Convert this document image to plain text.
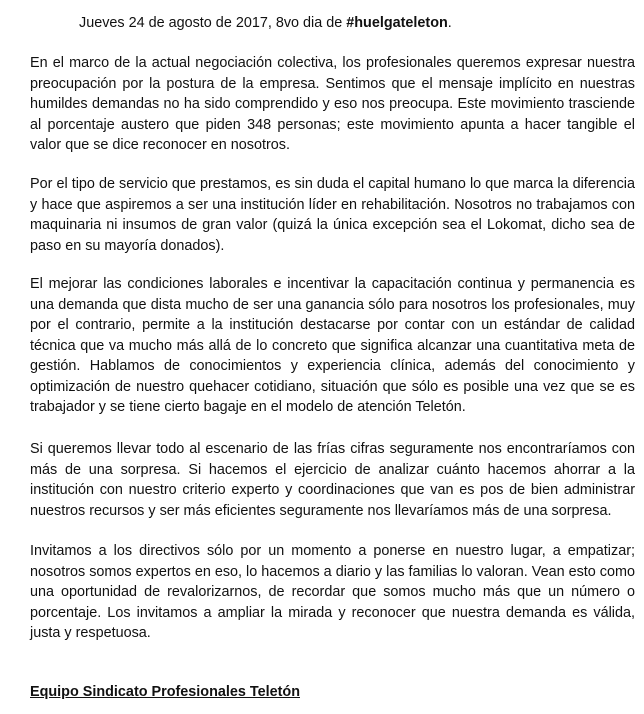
Jueves 24 de agosto de 2017, 8vo dia de #huelgateleton.

En el marco de la actual negociación colectiva, los profesionales queremos expresar nuestra preocupación por la postura de la empresa. Sentimos que el mensaje implícito en nuestras humildes demandas no ha sido comprendido y eso nos preocupa. Este movimiento trasciende al porcentaje austero que piden 348 personas; este movimiento apunta a hacer tangible el valor que se dice reconocer en nosotros.

Por el tipo de servicio que prestamos, es sin duda el capital humano lo que marca la diferencia y hace que aspiremos a ser una institución líder en rehabilitación. Nosotros no trabajamos con maquinaria ni insumos de gran valor (quizá la única excepción sea el Lokomat, dicho sea de paso en su mayoría donados).

El mejorar las condiciones laborales e incentivar la capacitación continua y permanencia es una demanda que dista mucho de ser una ganancia sólo para nosotros los profesionales, muy por el contrario, permite a la institución destacarse por contar con un estándar de calidad técnica que va mucho más allá de lo concreto que significa alcanzar una cuantitativa meta de gestión. Hablamos de conocimientos y experiencia clínica, además del conocimiento y optimización de nuestro quehacer cotidiano, situación que sólo es posible una vez que se es trabajador y se tiene cierto bagaje en el modelo de atención Teletón.

Si queremos llevar todo al escenario de las frías cifras seguramente nos encontraríamos con más de una sorpresa. Si hacemos el ejercicio de analizar cuánto hacemos ahorrar a la institución con nuestro criterio experto y coordinaciones que van es pos de bien administrar nuestros recursos y ser más eficientes seguramente nos llevaríamos más de una sorpresa.

Invitamos a los directivos sólo por un momento a ponerse en nuestro lugar, a empatizar; nosotros somos expertos en eso, lo hacemos a diario y las familias lo valoran. Vean esto como una oportunidad de revalorizarnos, de recordar que somos mucho más que un número o porcentaje. Los invitamos a ampliar la mirada y reconocer que nuestra demanda es válida, justa y respetuosa.

Equipo Sindicato Profesionales Teletón
